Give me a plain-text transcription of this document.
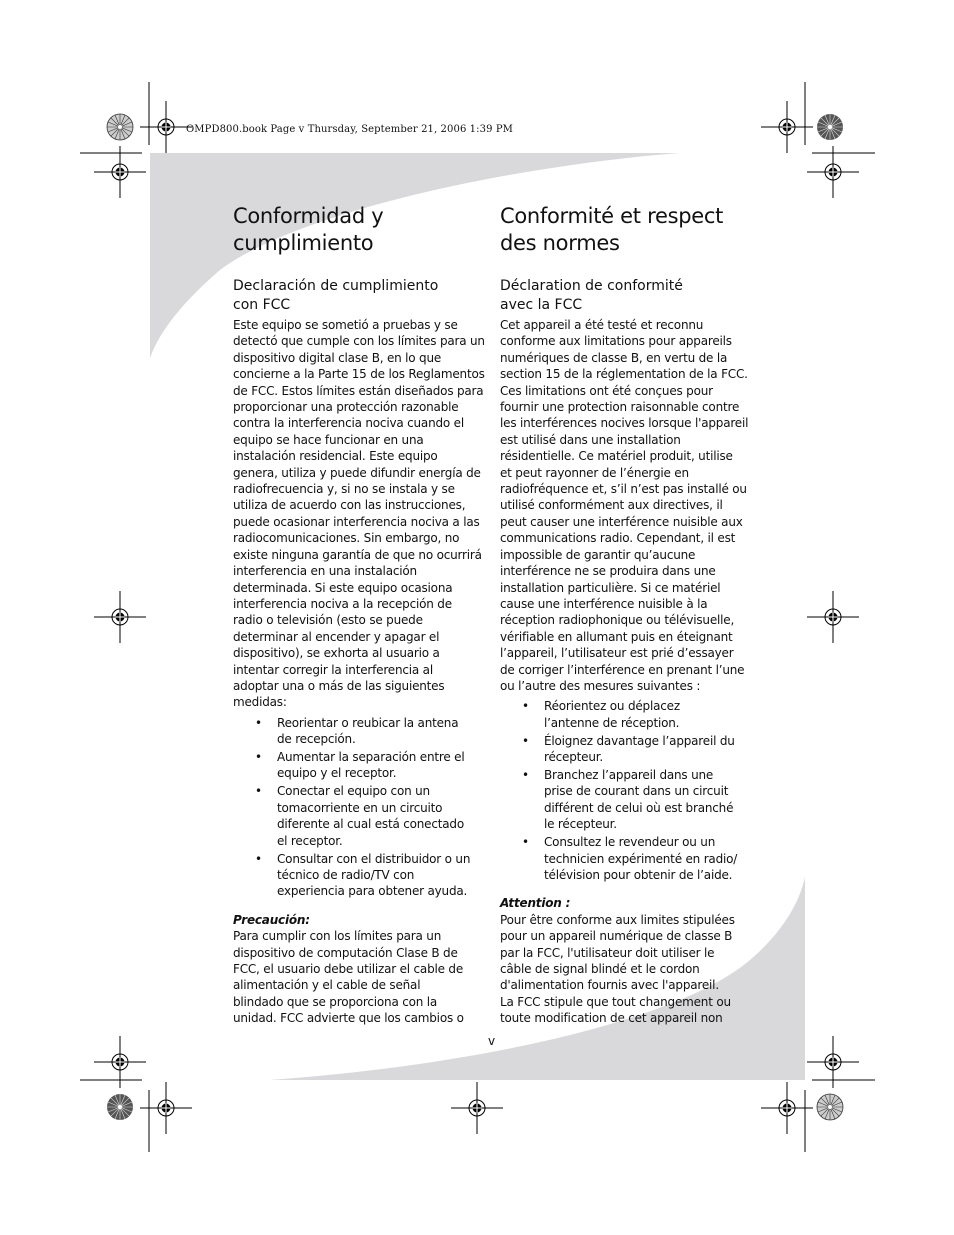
OMPD800.book Page v Thursday, September 21, 2006 1:39 PM
Conformidad y
cumplimiento
Declaración de cumplimiento
con FCC

Este equipo se sometió a pruebas y se
detectó que cumple con los límites para un
dispositivo digital clase B, en lo que
concierne a la Parte 15 de los Reglamentos
de FCC. Estos límites están diseñados para
proporcionar una protección razonable
contra la interferencia nociva cuando el
equipo se hace funcionar en una
instalación residencial. Este equipo
genera, utiliza y puede difundir energía de
radiofrecuencia y, si no se instala y se
utiliza de acuerdo con las instrucciones,
puede ocasionar interferencia nociva a las
radiocomunicaciones. Sin embargo, no
existe ninguna garantía de que no ocurrirá
interferencia en una instalación
determinada. Si este equipo ocasiona
interferencia nociva a la recepción de
radio o televisión (esto se puede
determinar al encender y apagar el
dispositivo), se exhorta al usuario a
intentar corregir la interferencia al
adoptar una o más de las siguientes
medidas:

• Reorientar o reubicar la antena
de recepción.
• Aumentar la separación entre el
equipo y el receptor.
• Conectar el equipo con un
tomacorriente en un circuito
diferente al cual está conectado
el receptor.
• Consultar con el distribuidor o un
técnico de radio/TV con
experiencia para obtener ayuda.
Precaución:

Para cumplir con los límites para un
dispositivo de computación Clase B de
FCC, el usuario debe utilizar el cable de
alimentación y el cable de señal
blindado que se proporciona con la
unidad. FCC advierte que los cambios o

Conformité et respect
des normes
Déclaration de conformité
avec la FCC

Cet appareil a été testé et reconnu
conforme aux limitations pour appareils
numériques de classe B, en vertu de la
section 15 de la réglementation de la FCC.
Ces limitations ont été conçues pour
fournir une protection raisonnable contre
les interférences nocives lorsque l'appareil
est utilisé dans une installation
résidentielle. Ce matériel produit, utilise
et peut rayonner de l’énergie en
radiofréquence et, s’il n’est pas installé ou
utilisé conformément aux directives, il
peut causer une interférence nuisible aux
communications radio. Cependant, il est
impossible de garantir qu’aucune
interférence ne se produira dans une
installation particulière. Si ce matériel
cause une interférence nuisible à la
réception radiophonique ou télévisuelle,
vérifiable en allumant puis en éteignant
l’appareil, l’utilisateur est prié d’essayer
de corriger l’interférence en prenant l’une
ou l’autre des mesures suivantes :

• Réorientez ou déplacez
l’antenne de réception.
• Éloignez davantage l’appareil du
récepteur.
• Branchez l’appareil dans une
prise de courant dans un circuit
différent de celui où est branché
le récepteur.
• Consultez le revendeur ou un
technicien expérimenté en radio/
télévision pour obtenir de l’aide.
Attention :

Pour être conforme aux limites stipulées
pour un appareil numérique de classe B
par la FCC, l'utilisateur doit utiliser le
câble de signal blindé et le cordon
d'alimentation fournis avec l'appareil.
La FCC stipule que tout changement ou
toute modification de cet appareil non

v
